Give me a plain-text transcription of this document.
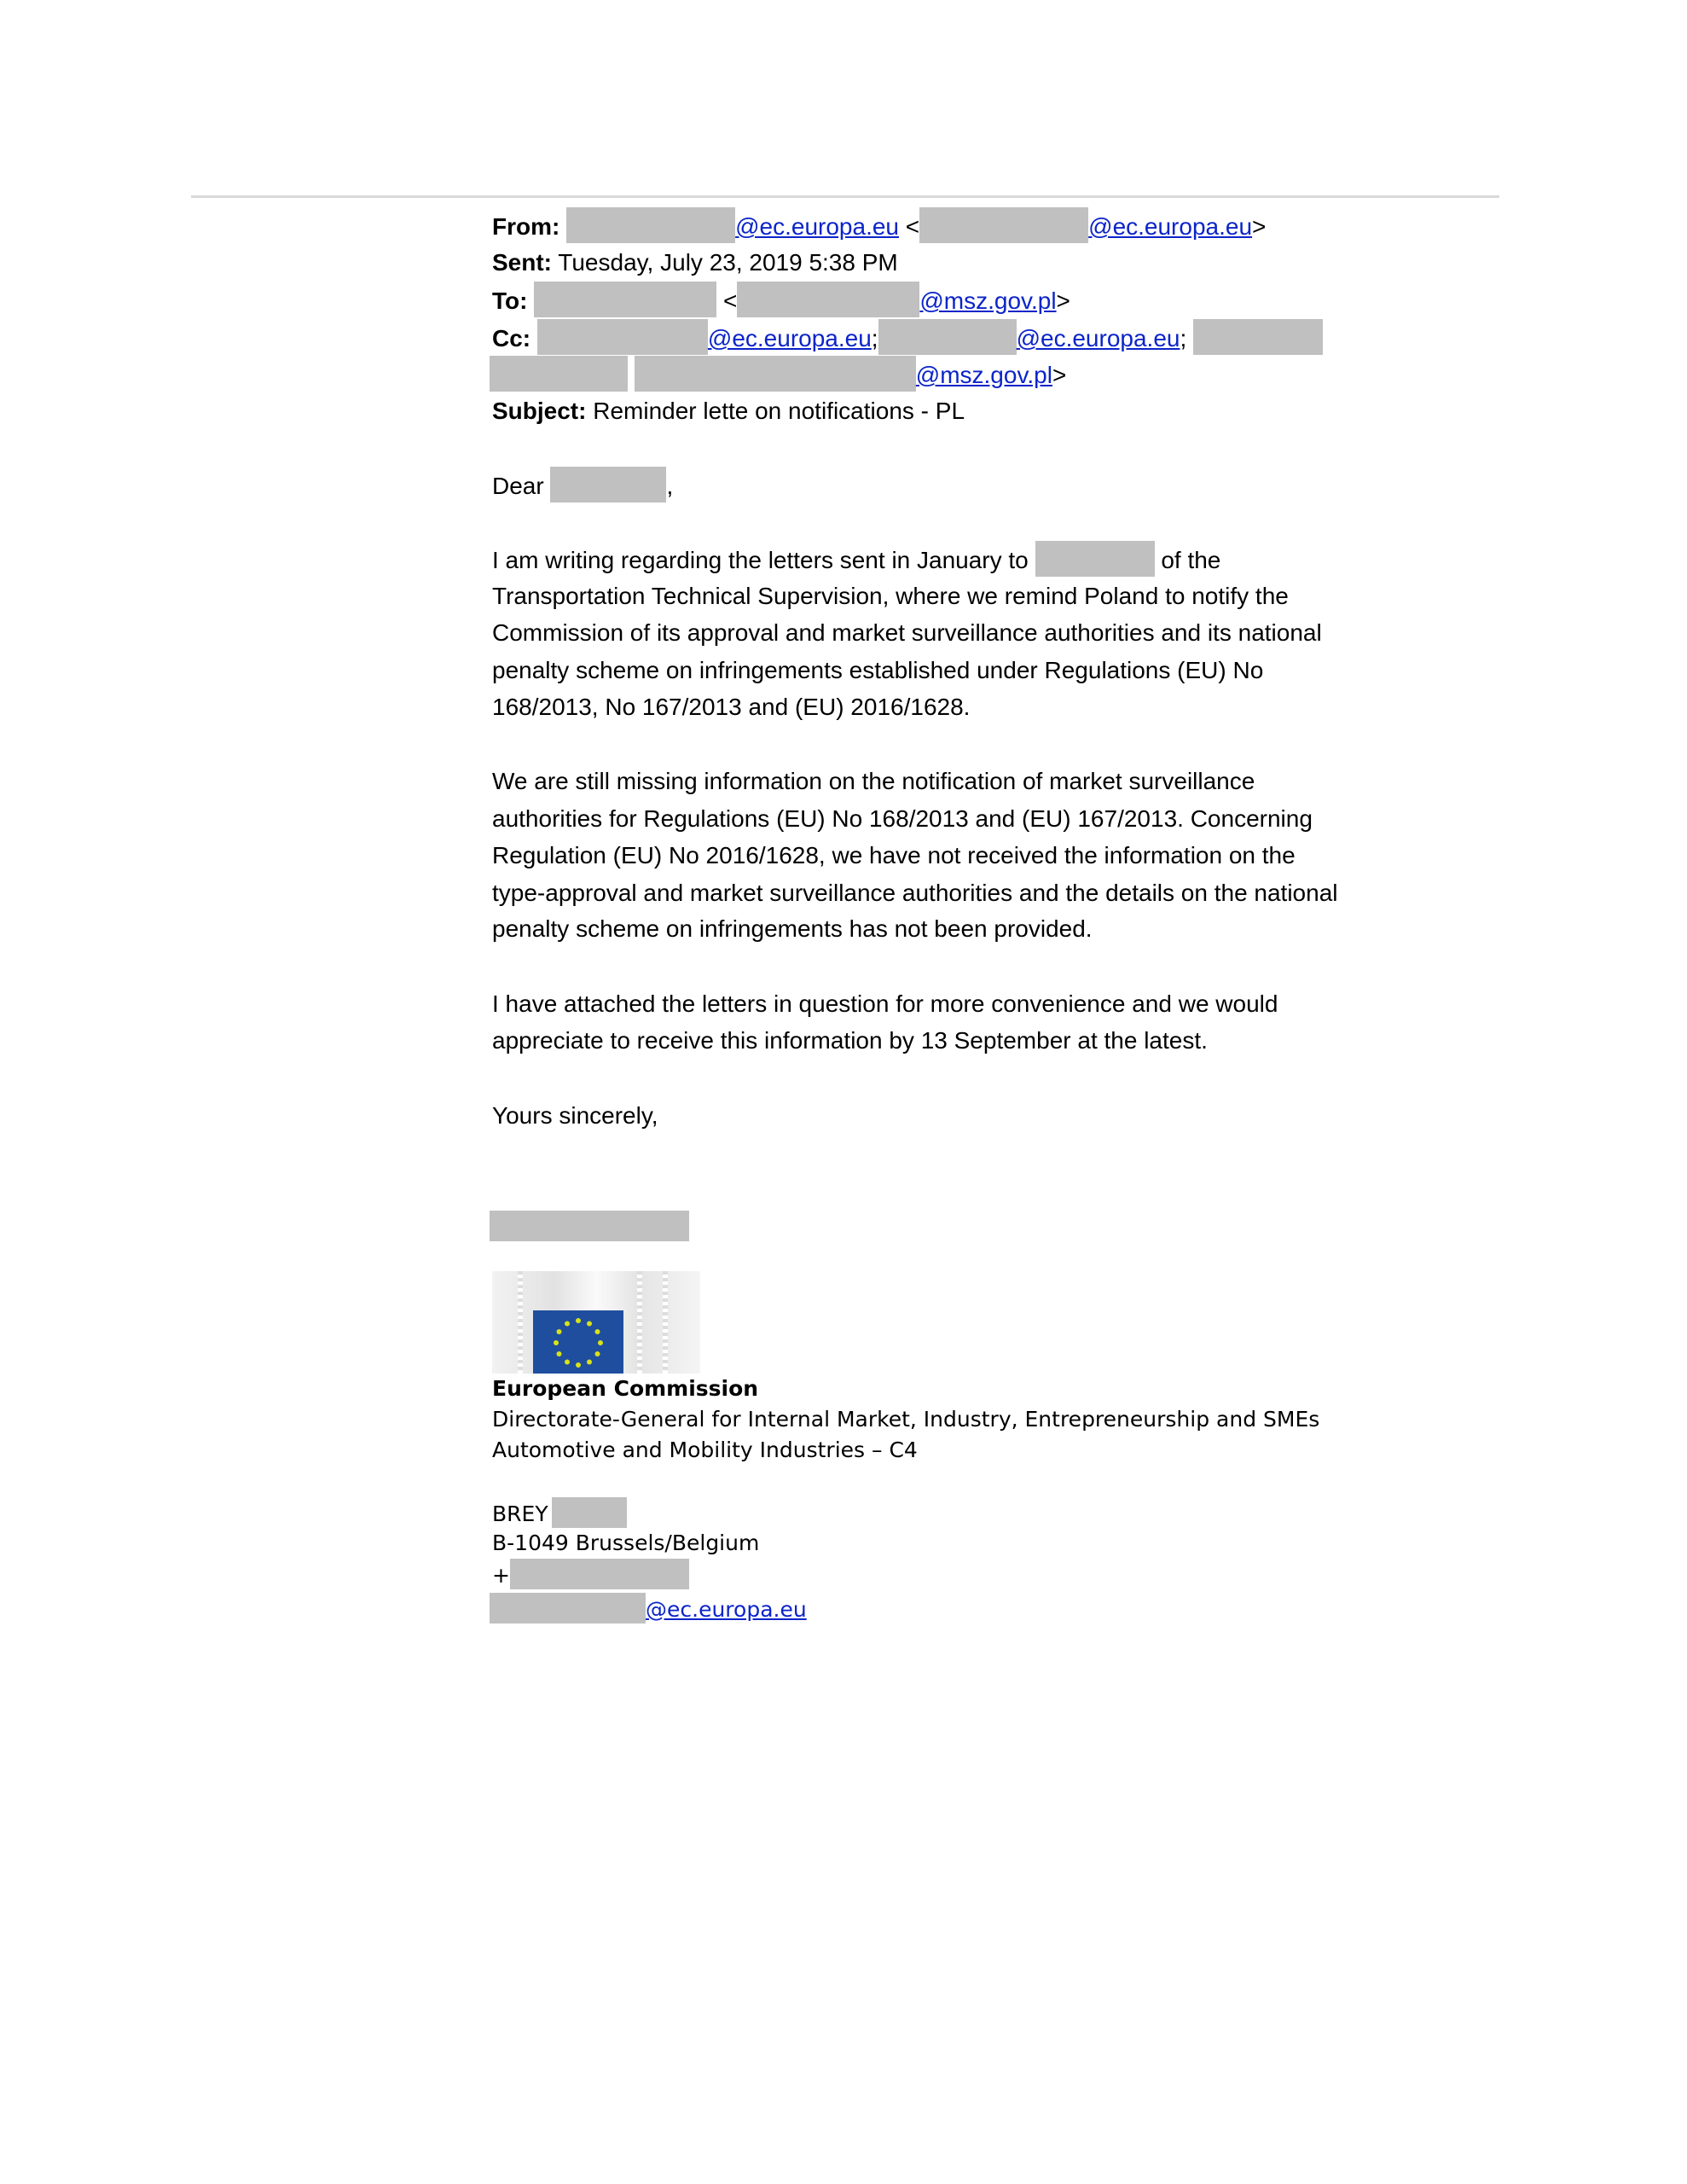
From:	@ec.europa.eu <	@ec.europa.eu>
Sent: Tuesday, July 23, 2019 5:38 PM
To:	<	@msz.gov.pl>
Cc:	@ec.europa.eu;	@ec.europa.eu;
@msz.gov.pl>
Subject: Reminder lette on notifications - PL
Dear	,
I am writing regarding the letters sent in January to	of the
Transportation Technical Supervision, where we remind Poland to notify the
Commission of its approval and market surveillance authorities and its national
penalty scheme on infringements established under Regulations (EU) No
168/2013, No 167/2013 and (EU) 2016/1628.
We are still missing information on the notification of market surveillance
authorities for Regulations (EU) No 168/2013 and (EU) 167/2013. Concerning
Regulation (EU) No 2016/1628, we have not received the information on the
type-approval and market surveillance authorities and the details on the national
penalty scheme on infringements has not been provided.
I have attached the letters in question for more convenience and we would
appreciate to receive this information by 13 September at the latest.
Yours sincerely,
European Commission
Directorate-General for Internal Market, Industry, Entrepreneurship and SMEs
Automotive and Mobility Industries – C4
BREY
B-1049 Brussels/Belgium
+
@ec.europa.eu
